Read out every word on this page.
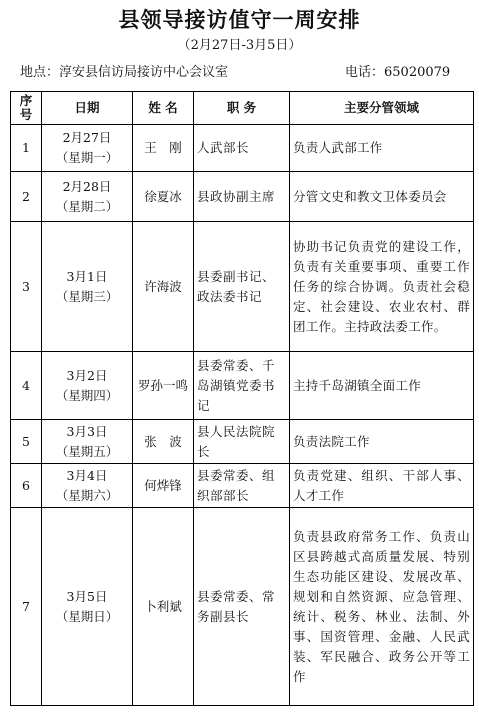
县领导接访值守一周安排
（2月27日-3月5日）
地点：淳安县信访局接访中心会议室	电话：65020079
序号	日期	姓 名	职 务	主要分管领域
1	2月27日
（星期一）	王　刚	人武部长	负责人武部工作
2	2月28日
（星期二）	徐夏冰	县政协副主席	分管文史和教文卫体委员会
3	3月1日
（星期三）	许海波	县委副书记、政法委书记	协助书记负责党的建设工作，负责有关重要事项、重要工作任务的综合协调。负责社会稳定、社会建设、农业农村、群团工作。主持政法委工作。
4	3月2日
（星期四）	罗孙一鸣	县委常委、千岛湖镇党委书记	主持千岛湖镇全面工作
5	3月3日
（星期五）	张　波	县人民法院院长	负责法院工作
6	3月4日
（星期六）	何烨锋	县委常委、组织部部长	负责党建、组织、干部人事、人才工作
7	3月5日
（星期日）	卜利斌	县委常委、常务副县长	负责县政府常务工作、负责山区县跨越式高质量发展、特别生态功能区建设、发展改革、规划和自然资源、应急管理、统计、税务、林业、法制、外事、国资管理、金融、人民武装、军民融合、政务公开等工作
